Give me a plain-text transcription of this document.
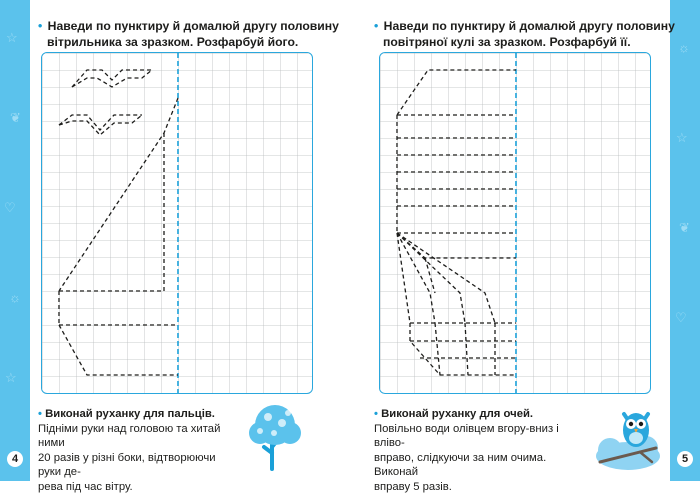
☆
❦
♡
☼
☆
4
☼
☆
❦
♡
5
• Наведи по пунктиру й домалюй другу половину
вітрильника за зразком. Розфарбуй його.
• Виконай руханку для пальців.
Підніми руки над головою та хитай ними
20 разів у різні боки, відтворюючи руки де-
рева під час вітру.
• Наведи по пунктиру й домалюй другу половину
повітряної кулі за зразком. Розфарбуй її.
• Виконай руханку для очей.
Повільно води олівцем вгору-вниз і вліво-
вправо, слідкуючи за ним очима. Виконай
вправу 5 разів.
